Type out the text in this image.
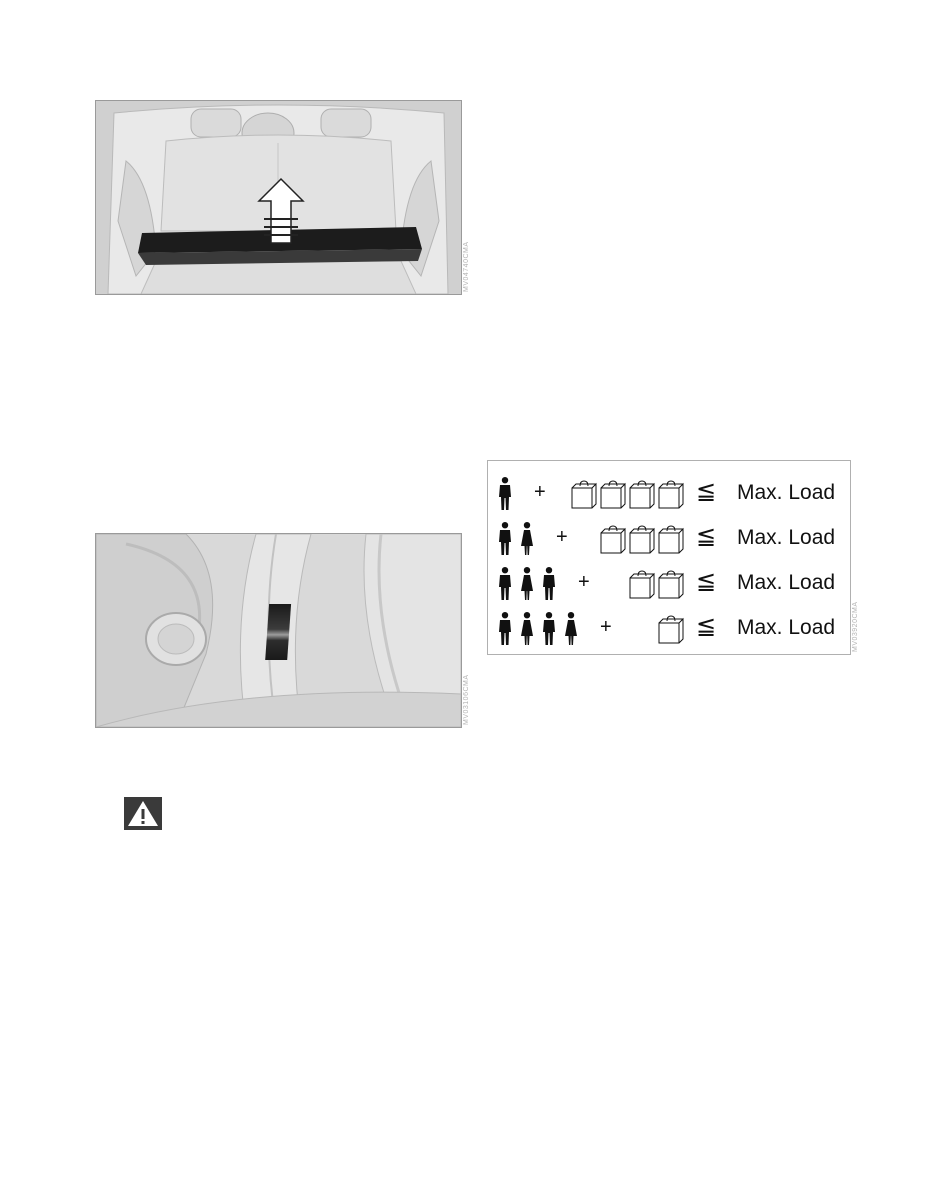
MV04740CMA
MV03106CMA
+	≦ Max. Load
+	≦ Max. Load
+	≦ Max. Load
+	≦ Max. Load MV03920CMA
